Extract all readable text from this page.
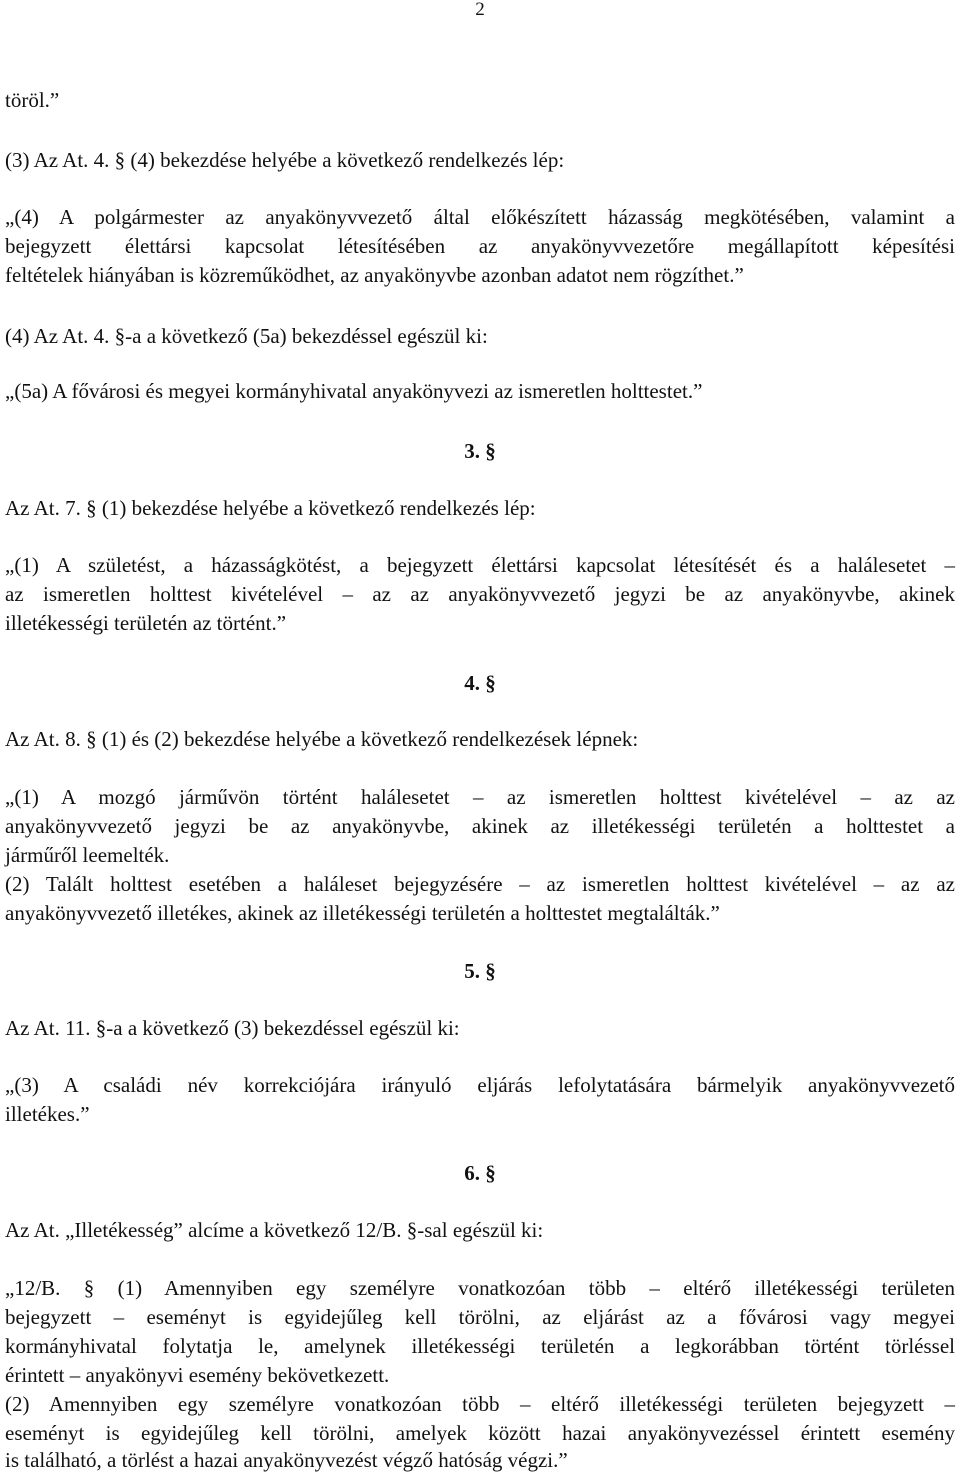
2
töröl.”
(3) Az At. 4. § (4) bekezdése helyébe a következő rendelkezés lép:
„(4) A polgármester az anyakönyvvezető által előkészített házasság megkötésében, valamint a
bejegyzett élettársi kapcsolat létesítésében az anyakönyvvezetőre megállapított képesítési
feltételek hiányában is közreműködhet, az anyakönyvbe azonban adatot nem rögzíthet.”
(4) Az At. 4. §-a a következő (5a) bekezdéssel egészül ki:
„(5a) A fővárosi és megyei kormányhivatal anyakönyvezi az ismeretlen holttestet.”
3. §
Az At. 7. § (1) bekezdése helyébe a következő rendelkezés lép:
„(1) A születést, a házasságkötést, a bejegyzett élettársi kapcsolat létesítését és a halálesetet –
az ismeretlen holttest kivételével – az az anyakönyvvezető jegyzi be az anyakönyvbe, akinek
illetékességi területén az történt.”
4. §
Az At. 8. § (1) és (2) bekezdése helyébe a következő rendelkezések lépnek:
„(1) A mozgó járművön történt halálesetet – az ismeretlen holttest kivételével – az az
anyakönyvvezető jegyzi be az anyakönyvbe, akinek az illetékességi területén a holttestet a
járműről leemelték.
(2) Talált holttest esetében a haláleset bejegyzésére – az ismeretlen holttest kivételével – az az
anyakönyvvezető illetékes, akinek az illetékességi területén a holttestet megtalálták.”
5. §
Az At. 11. §-a a következő (3) bekezdéssel egészül ki:
„(3) A családi név korrekciójára irányuló eljárás lefolytatására bármelyik anyakönyvvezető
illetékes.”
6. §
Az At. „Illetékesség” alcíme a következő 12/B. §-sal egészül ki:
„12/B. § (1) Amennyiben egy személyre vonatkozóan több – eltérő illetékességi területen
bejegyzett – eseményt is egyidejűleg kell törölni, az eljárást az a fővárosi vagy megyei
kormányhivatal folytatja le, amelynek illetékességi területén a legkorábban történt törléssel
érintett – anyakönyvi esemény bekövetkezett.
(2) Amennyiben egy személyre vonatkozóan több – eltérő illetékességi területen bejegyzett –
eseményt is egyidejűleg kell törölni, amelyek között hazai anyakönyvezéssel érintett esemény
is található, a törlést a hazai anyakönyvezést végző hatóság végzi.”
